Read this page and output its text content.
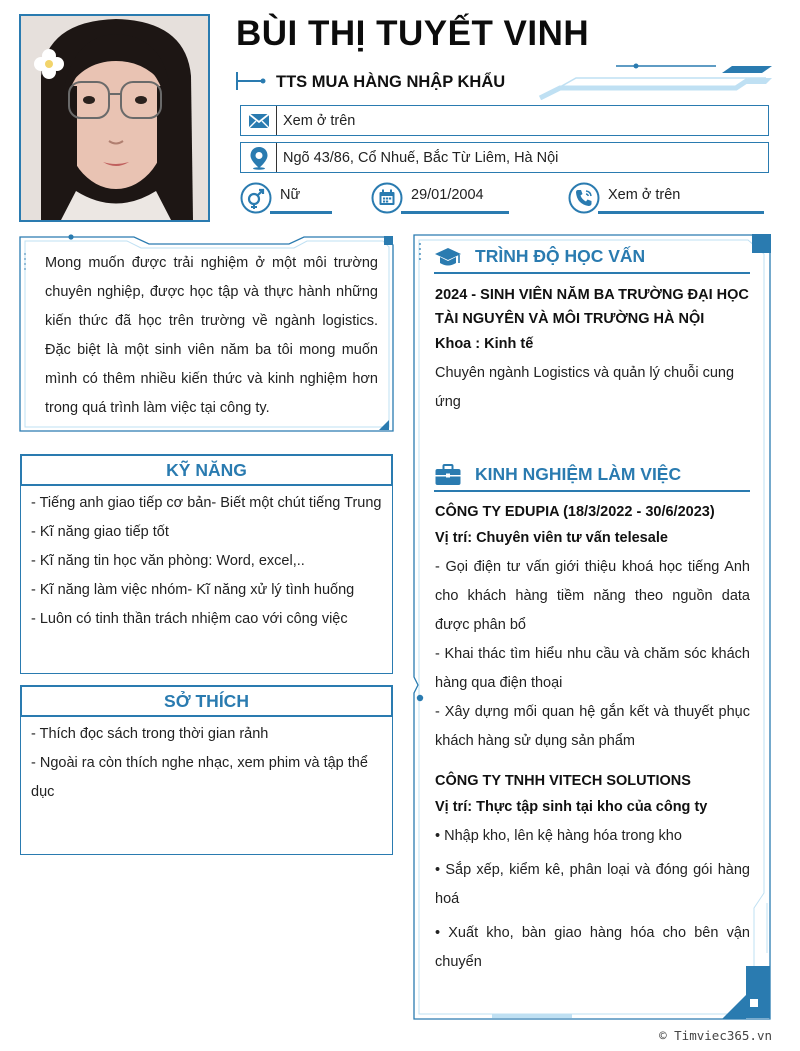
BÙI THỊ TUYẾT VINH
TTS MUA HÀNG NHẬP KHẨU
Xem ở trên
Ngõ 43/86, Cổ Nhuế, Bắc Từ Liêm, Hà Nội
Nữ	29/01/2004	Xem ở trên
Mong muốn được trải nghiệm ở một môi trường chuyên nghiệp, được học tập và thực hành những kiến thức đã học trên trường về ngành logistics. Đặc biệt là một sinh viên năm ba tôi mong muốn mình có thêm nhiều kiến thức và kinh nghiệm hơn trong quá trình làm việc tại công ty.
KỸ NĂNG
- Tiếng anh giao tiếp cơ bản- Biết một chút tiếng Trung
- Kĩ năng giao tiếp tốt
- Kĩ năng tin học văn phòng: Word, excel,..
- Kĩ năng làm việc nhóm- Kĩ năng xử lý tình huống
- Luôn có tinh thần trách nhiệm cao với công việc
SỞ THÍCH
- Thích đọc sách trong thời gian rảnh
- Ngoài ra còn thích nghe nhạc, xem phim và tập thể dục
TRÌNH ĐỘ HỌC VẤN
2024 - SINH VIÊN NĂM BA TRƯỜNG ĐẠI HỌC TÀI NGUYÊN VÀ MÔI TRƯỜNG HÀ NỘI
Khoa : Kinh tế
Chuyên ngành Logistics và quản lý chuỗi cung ứng
KINH NGHIỆM LÀM VIỆC
CÔNG TY EDUPIA (18/3/2022 - 30/6/2023)
Vị trí: Chuyên viên tư vấn telesale
- Gọi điện tư vấn giới thiệu khoá học tiếng Anh cho khách hàng tiềm năng theo nguồn data được phân bổ
- Khai thác tìm hiểu nhu cầu và chăm sóc khách hàng qua điện thoại
- Xây dựng mối quan hệ gắn kết và thuyết phục khách hàng sử dụng sản phẩm
CÔNG TY TNHH VITECH SOLUTIONS
Vị trí: Thực tập sinh tại kho của công ty
• Nhập kho, lên kệ hàng hóa trong kho
• Sắp xếp, kiểm kê, phân loại và đóng gói hàng hoá
• Xuất kho, bàn giao hàng hóa cho bên vận chuyển
© Timviec365.vn
